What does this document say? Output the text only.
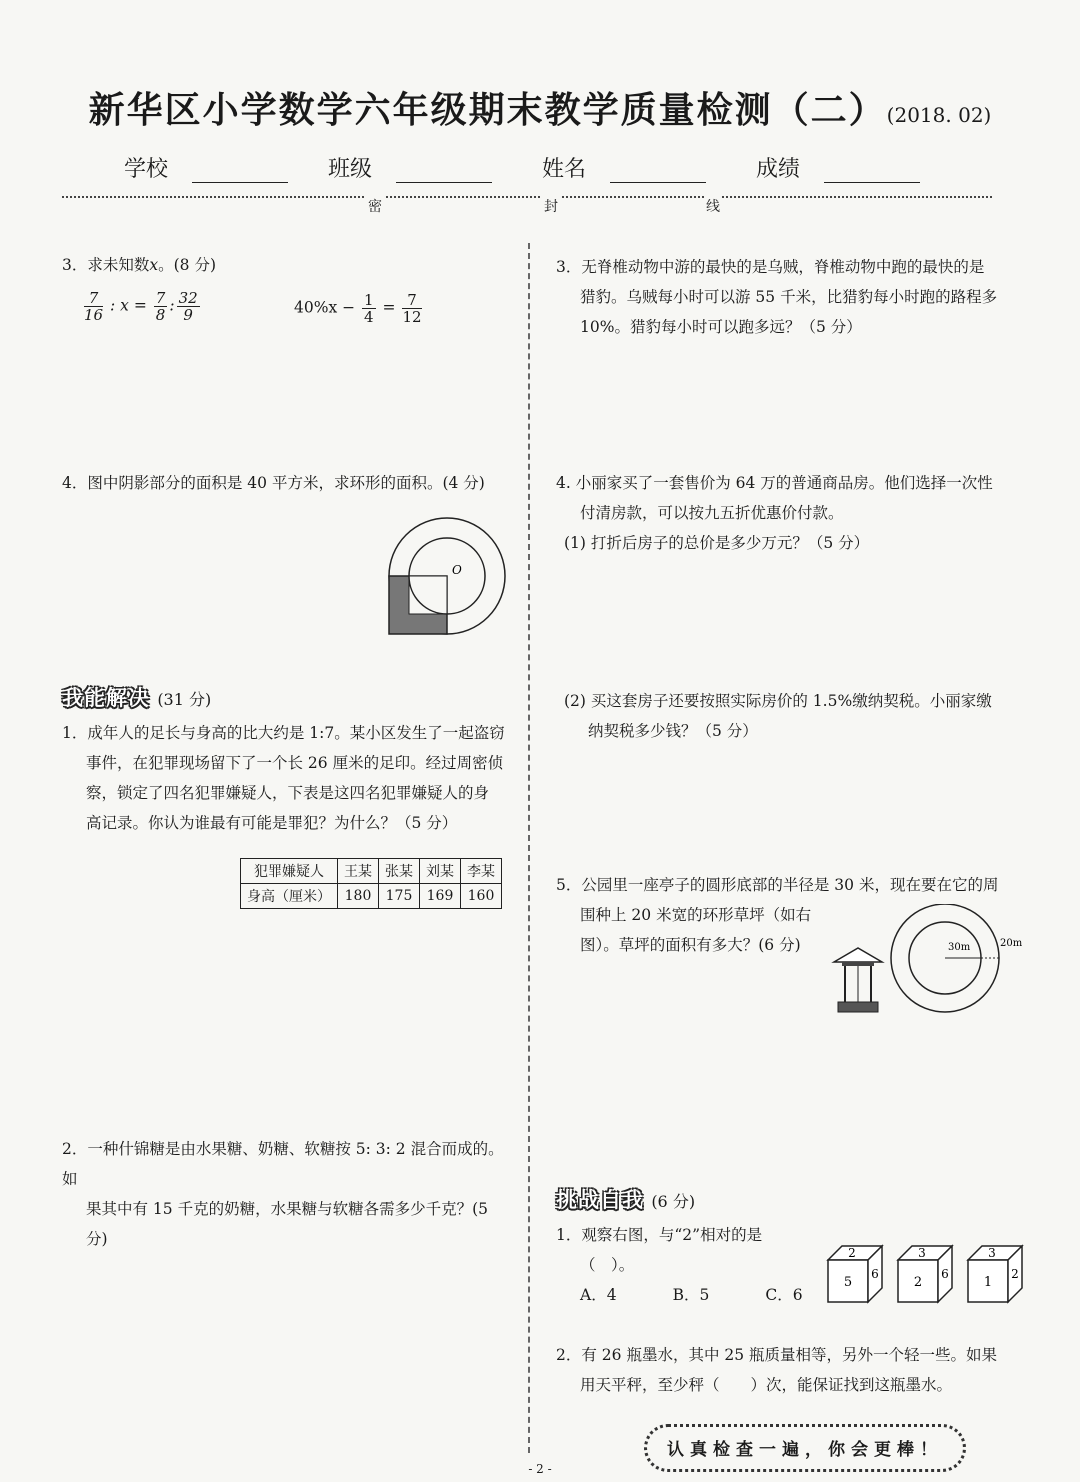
新华区小学数学六年级期末教学质量检测（二）(2018. 02)
学校	班级	姓名	成绩
密	封	线
3．求未知数x。(8 分)
$\frac{7}{16}$ : $x = \frac{7}{8}$ : $\frac{32}{9}$	$40\%x - \frac{1}{4} = \frac{7}{12}$
4．图中阴影部分的面积是 40 平方米，求环形的面积。(4 分)
O
我能解决 (31 分)

1．成年人的足长与身高的比大约是 1:7。某小区发生了一起盗窃

事件，在犯罪现场留下了一个长 26 厘米的足印。经过周密侦

察，锁定了四名犯罪嫌疑人，下表是这四名犯罪嫌疑人的身

高记录。你认为谁最有可能是罪犯？为什么？（5 分）

犯罪嫌疑人	王某	张某	刘某	李某
身高（厘米）	180	175	169	160

2．一种什锦糖是由水果糖、奶糖、软糖按 5: 3: 2 混合而成的。如

果其中有 15 千克的奶糖，水果糖与软糖各需多少千克？(5 分)

3．无脊椎动物中游的最快的是乌贼，脊椎动物中跑的最快的是

猎豹。乌贼每小时可以游 55 千米，比猎豹每小时跑的路程多

10%。猎豹每小时可以跑多远？（5 分）

4. 小丽家买了一套售价为 64 万的普通商品房。他们选择一次性

付清房款，可以按九五折优惠价付款。

(1) 打折后房子的总价是多少万元？（5 分）

(2) 买这套房子还要按照实际房价的 1.5%缴纳契税。小丽家缴

纳契税多少钱？（5 分）

5．公园里一座亭子的圆形底部的半径是 30 米，现在要在它的周

围种上 20 米宽的环形草坪（如右

图）。草坪的面积有多大？(6 分)	30m	20m
挑战自我 (6 分)

1．观察右图，与“2”相对的是

（　）。

A．4	B．5	C．6

2
5
6
3
2
6
3
1
2

2．有 26 瓶墨水，其中 25 瓶质量相等，另外一个轻一些。如果

用天平秤，至少秤（　　）次，能保证找到这瓶墨水。

认真检查一遍，你会更棒！
- 2 -
